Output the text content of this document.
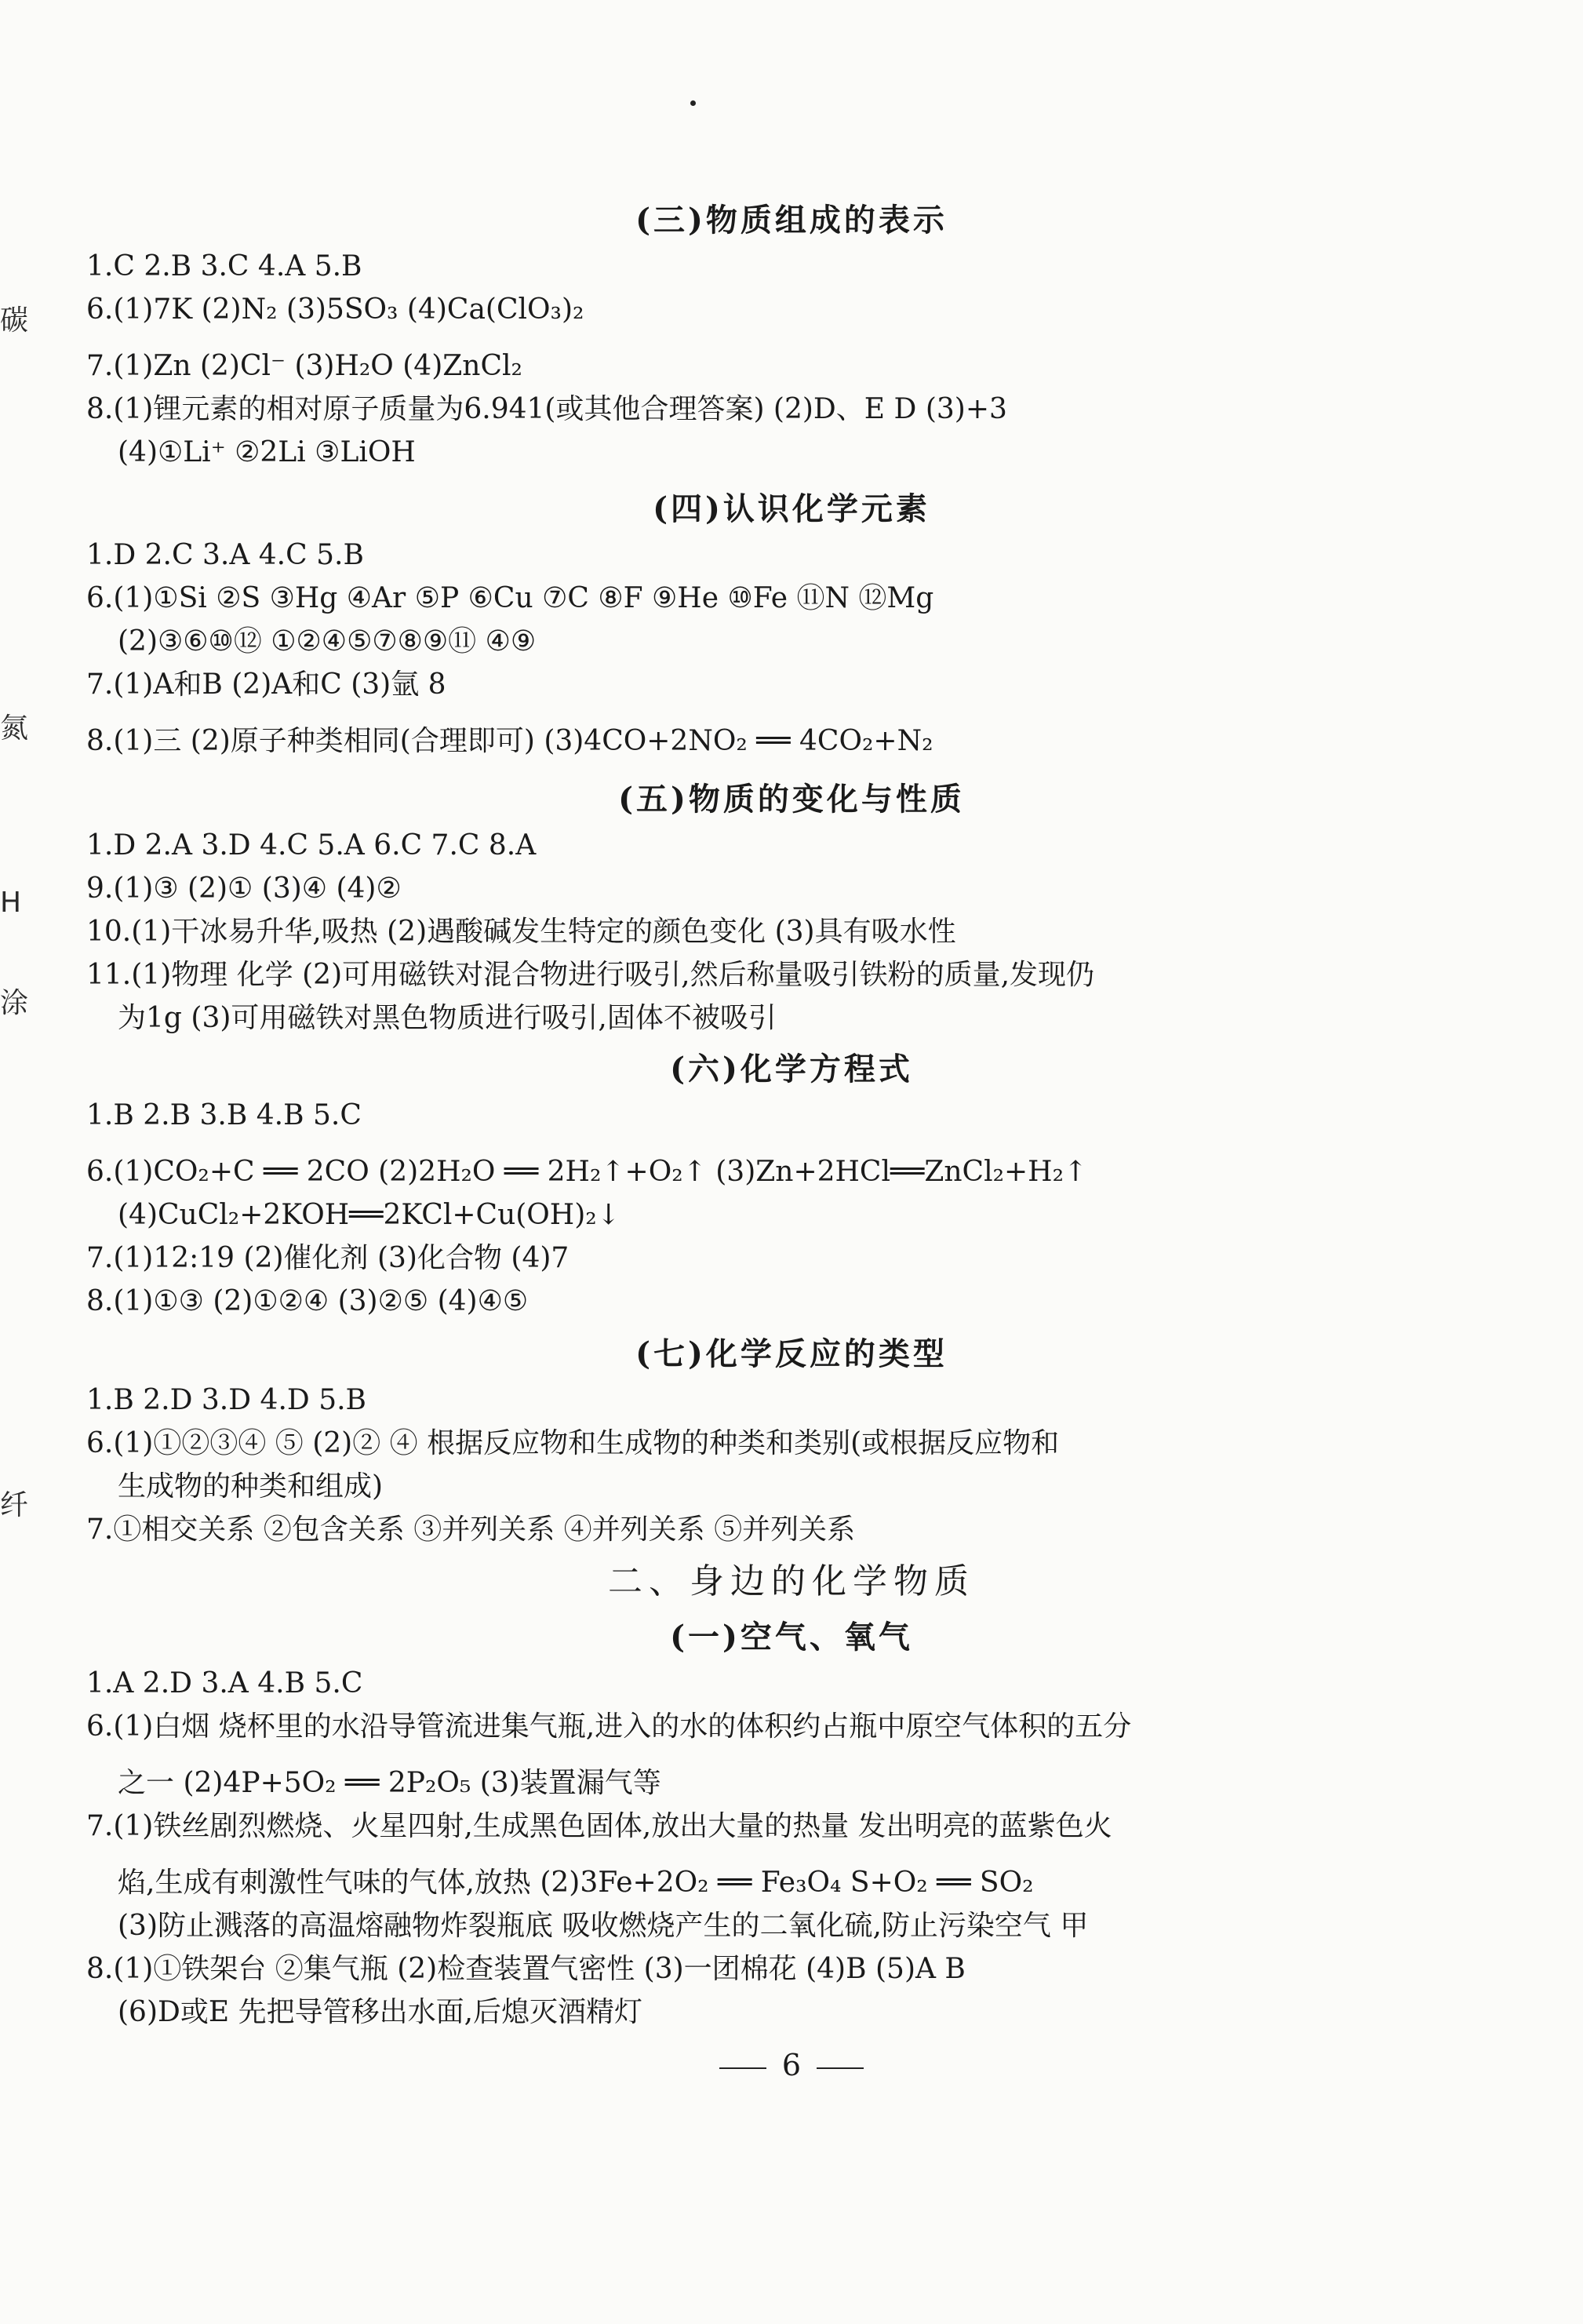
碳
氮
H
涂
纤
(三)物质组成的表示
1.C 2.B 3.C 4.A 5.B
6.(1)7K (2)N₂ (3)5SO₃ (4)Ca(ClO₃)₂
7.(1)Zn (2)Cl⁻ (3)H₂O (4)ZnCl₂
8.(1)锂元素的相对原子质量为6.941(或其他合理答案) (2)D、E D (3)+3
(4)①Li⁺ ②2Li ③LiOH
(四)认识化学元素
1.D 2.C 3.A 4.C 5.B
6.(1)①Si ②S ③Hg ④Ar ⑤P ⑥Cu ⑦C ⑧F ⑨He ⑩Fe ⑪N ⑫Mg
(2)③⑥⑩⑫ ①②④⑤⑦⑧⑨⑪ ④⑨
7.(1)A和B (2)A和C (3)氩 8
8.(1)三 (2)原子种类相同(合理即可) (3)4CO+2NO₂ ══ 4CO₂+N₂
(五)物质的变化与性质
1.D 2.A 3.D 4.C 5.A 6.C 7.C 8.A
9.(1)③ (2)① (3)④ (4)②
10.(1)干冰易升华,吸热 (2)遇酸碱发生特定的颜色变化 (3)具有吸水性
11.(1)物理 化学 (2)可用磁铁对混合物进行吸引,然后称量吸引铁粉的质量,发现仍
为1g (3)可用磁铁对黑色物质进行吸引,固体不被吸引
(六)化学方程式
1.B 2.B 3.B 4.B 5.C
6.(1)CO₂+C ══ 2CO (2)2H₂O ══ 2H₂↑+O₂↑ (3)Zn+2HCl══ZnCl₂+H₂↑
(4)CuCl₂+2KOH══2KCl+Cu(OH)₂↓
7.(1)12:19 (2)催化剂 (3)化合物 (4)7
8.(1)①③ (2)①②④ (3)②⑤ (4)④⑤
(七)化学反应的类型
1.B 2.D 3.D 4.D 5.B
6.(1)①②③④ ⑤ (2)② ④ 根据反应物和生成物的种类和类别(或根据反应物和
生成物的种类和组成)
7.①相交关系 ②包含关系 ③并列关系 ④并列关系 ⑤并列关系
二、身边的化学物质
(一)空气、氧气
1.A 2.D 3.A 4.B 5.C
6.(1)白烟 烧杯里的水沿导管流进集气瓶,进入的水的体积约占瓶中原空气体积的五分
之一 (2)4P+5O₂ ══ 2P₂O₅ (3)装置漏气等
7.(1)铁丝剧烈燃烧、火星四射,生成黑色固体,放出大量的热量 发出明亮的蓝紫色火
焰,生成有刺激性气味的气体,放热 (2)3Fe+2O₂ ══ Fe₃O₄ S+O₂ ══ SO₂
(3)防止溅落的高温熔融物炸裂瓶底 吸收燃烧产生的二氧化硫,防止污染空气 甲
8.(1)①铁架台 ②集气瓶 (2)检查装置气密性 (3)一团棉花 (4)B (5)A B
(6)D或E 先把导管移出水面,后熄灭酒精灯
6
